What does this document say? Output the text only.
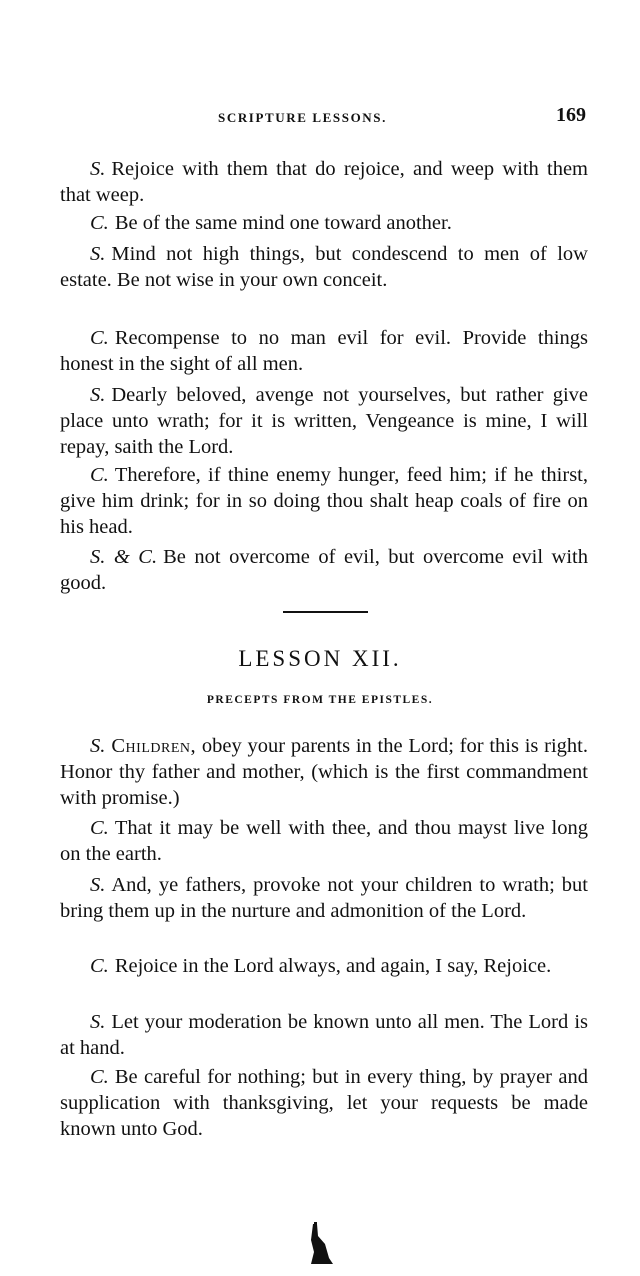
SCRIPTURE LESSONS.	169

S. Rejoice with them that do rejoice, and weep with them that weep.

C. Be of the same mind one toward another.

S. Mind not high things, but condescend to men of low estate. Be not wise in your own conceit.

C. Recompense to no man evil for evil. Provide things honest in the sight of all men.

S. Dearly beloved, avenge not yourselves, but rather give place unto wrath; for it is written, Vengeance is mine, I will repay, saith the Lord.

C. Therefore, if thine enemy hunger, feed him; if he thirst, give him drink; for in so doing thou shalt heap coals of fire on his head.

S. & C. Be not overcome of evil, but overcome evil with good.

LESSON XII.
PRECEPTS FROM THE EPISTLES.

S. Children, obey your parents in the Lord; for this is right. Honor thy father and mother, (which is the first commandment with promise.)

C. That it may be well with thee, and thou mayst live long on the earth.

S. And, ye fathers, provoke not your children to wrath; but bring them up in the nurture and admonition of the Lord.

C. Rejoice in the Lord always, and again, I say, Rejoice.

S. Let your moderation be known unto all men. The Lord is at hand.

C. Be careful for nothing; but in every thing, by prayer and supplication with thanksgiving, let your requests be made known unto God.
